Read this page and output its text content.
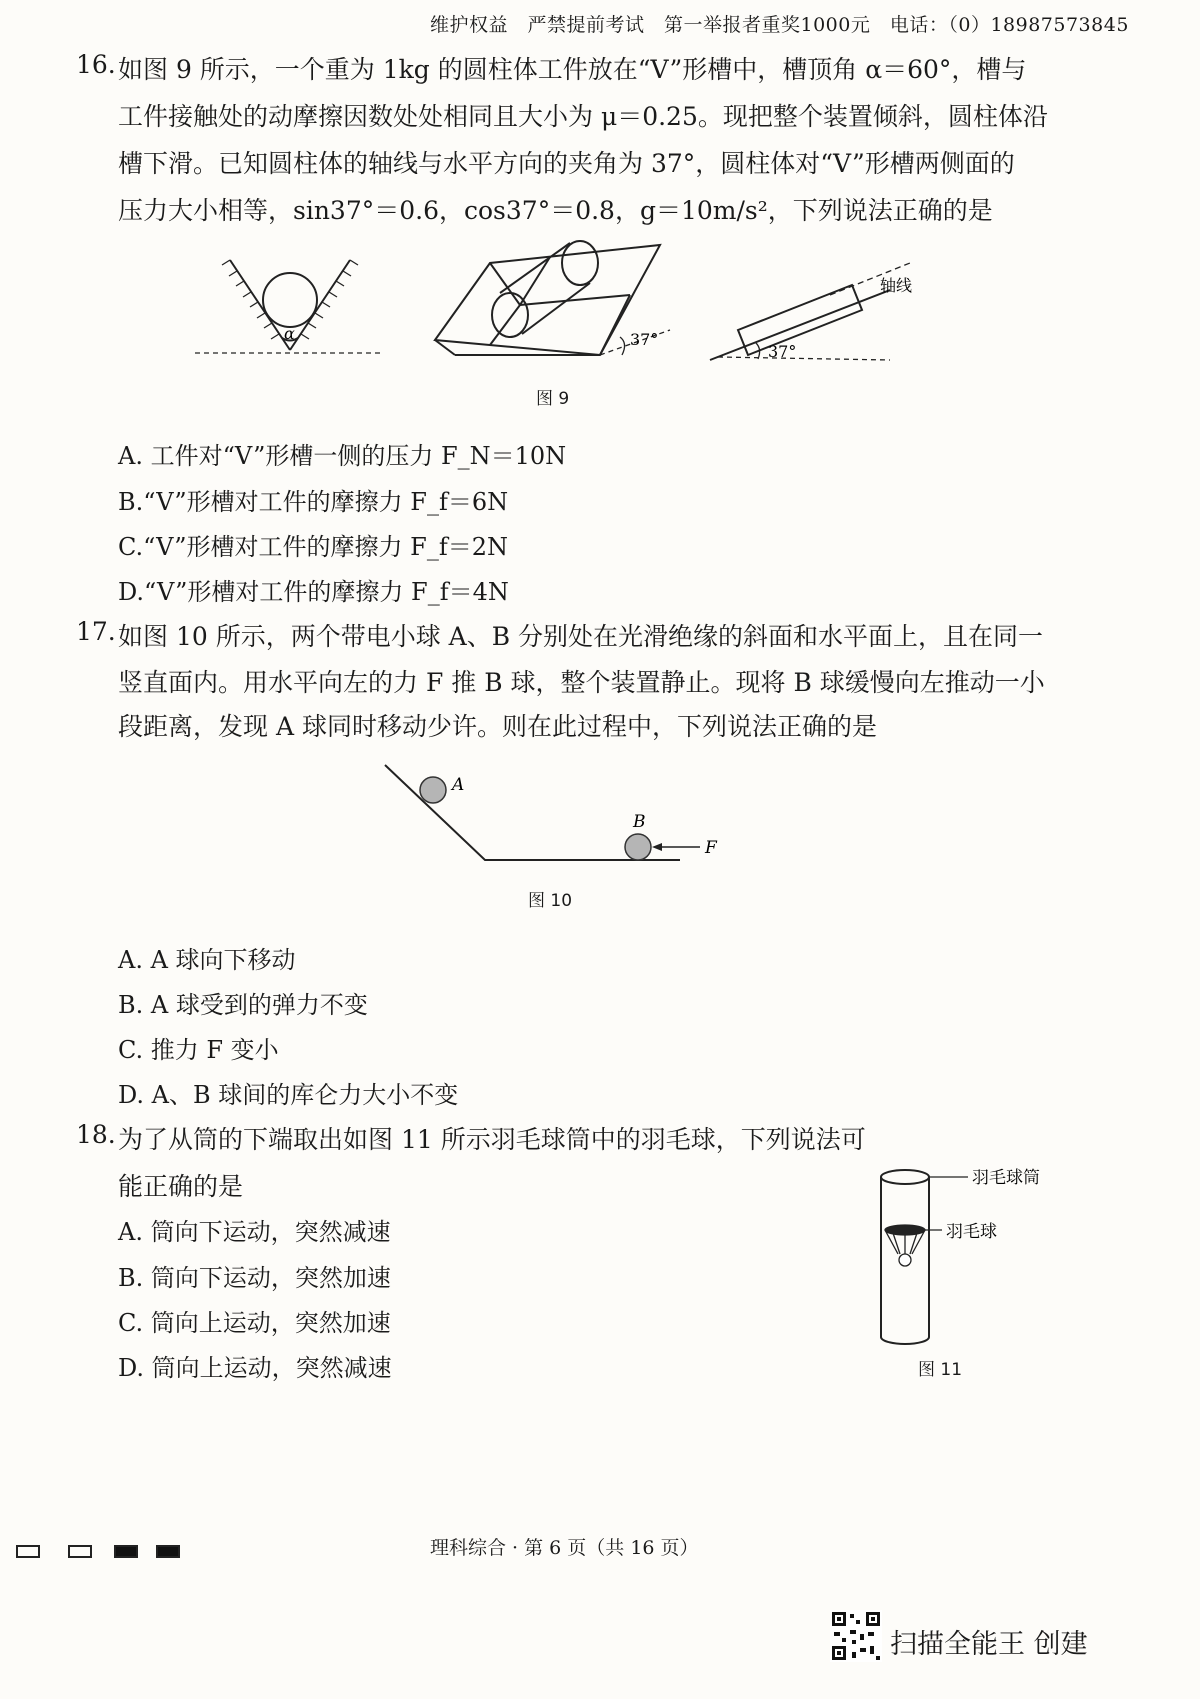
维护权益　严禁提前考试　第一举报者重奖1000元　电话：（0）18987573845
16. 如图 9 所示，一个重为 1kg 的圆柱体工件放在“V”形槽中，槽顶角 α＝60°，槽与
工件接触处的动摩擦因数处处相同且大小为 μ＝0.25。现把整个装置倾斜，圆柱体沿
槽下滑。已知圆柱体的轴线与水平方向的夹角为 37°，圆柱体对“V”形槽两侧面的
压力大小相等，sin37°＝0.6，cos37°＝0.8，g＝10m/s²，下列说法正确的是
α	37°
37°
轴线
图 9
A. 工件对“V”形槽一侧的压力 F_N＝10N
B.“V”形槽对工件的摩擦力 F_f＝6N
C.“V”形槽对工件的摩擦力 F_f＝2N
D.“V”形槽对工件的摩擦力 F_f＝4N
17. 如图 10 所示，两个带电小球 A、B 分别处在光滑绝缘的斜面和水平面上，且在同一
竖直面内。用水平向左的力 F 推 B 球，整个装置静止。现将 B 球缓慢向左推动一小
段距离，发现 A 球同时移动少许。则在此过程中，下列说法正确的是
A
B
F
图 10
A. A 球向下移动
B. A 球受到的弹力不变
C. 推力 F 变小
D. A、B 球间的库仑力大小不变
18. 为了从筒的下端取出如图 11 所示羽毛球筒中的羽毛球，下列说法可
能正确的是
A. 筒向下运动，突然减速
B. 筒向下运动，突然加速
C. 筒向上运动，突然加速
D. 筒向上运动，突然减速
羽毛球筒
羽毛球
图 11
理科综合 · 第 6 页（共 16 页）
扫描全能王 创建
